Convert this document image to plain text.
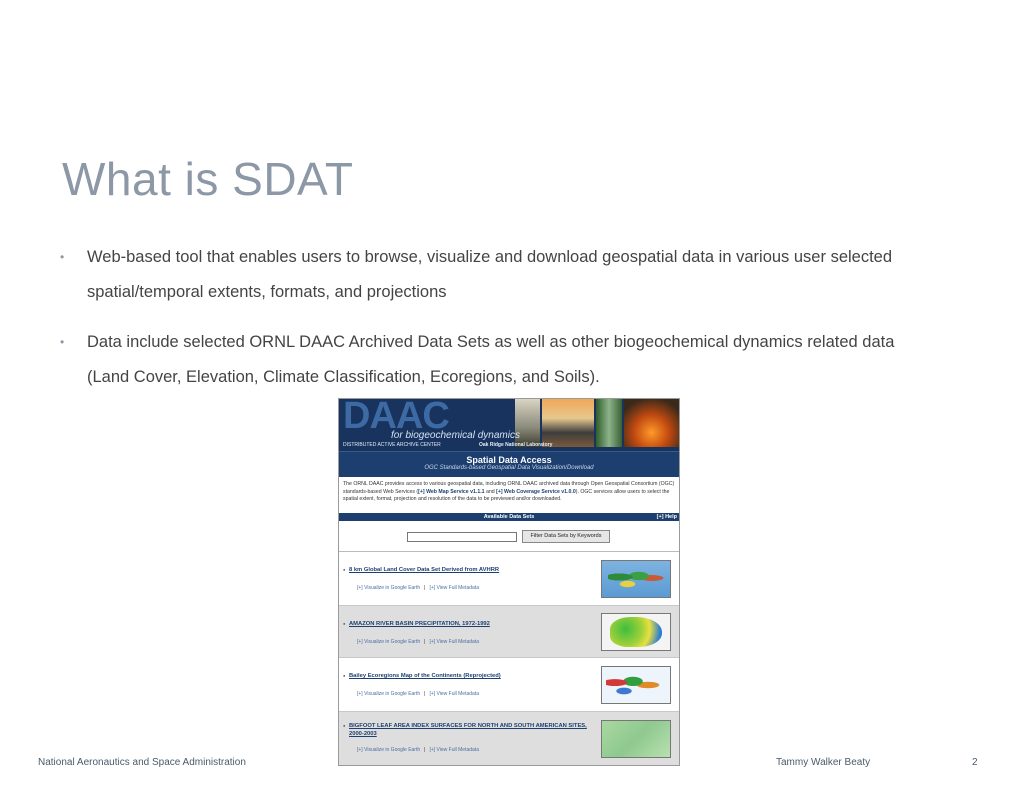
What is SDAT
• Web-based tool that enables users to browse, visualize and download geospatial data in various user selected spatial/temporal extents, formats, and projections
• Data include selected ORNL DAAC Archived Data Sets as well as other biogeochemical dynamics related data (Land Cover, Elevation, Climate Classification, Ecoregions, and Soils).
DAAC
for biogeochemical dynamics
DISTRIBUTED ACTIVE ARCHIVE CENTER	Oak Ridge National Laboratory
Spatial Data Access
OGC Standards-based Geospatial Data Visualization/Download
The ORNL DAAC provides access to various geospatial data, including ORNL DAAC archived data through Open Geospatial Consortium (OGC) standards-based Web Services ([+] Web Map Service v1.1.1 and [+] Web Coverage Service v1.0.0). OGC services allow users to select the spatial extent, format, projection and resolution of the data to be previewed and/or downloaded.
Available Data Sets	[+] Help
Filter Data Sets by Keywords
● 8 km Global Land Cover Data Set Derived from AVHRR
[+] Visualize in Google Earth | [+] View Full Metadata
● AMAZON RIVER BASIN PRECIPITATION, 1972-1992
[+] Visualize in Google Earth | [+] View Full Metadata
● Bailey Ecoregions Map of the Continents (Reprojected)
[+] Visualize in Google Earth | [+] View Full Metadata
● BIGFOOT LEAF AREA INDEX SURFACES FOR NORTH AND SOUTH AMERICAN SITES, 2000-2003
[+] Visualize in Google Earth | [+] View Full Metadata
National Aeronautics and Space Administration	Tammy Walker Beaty	2
